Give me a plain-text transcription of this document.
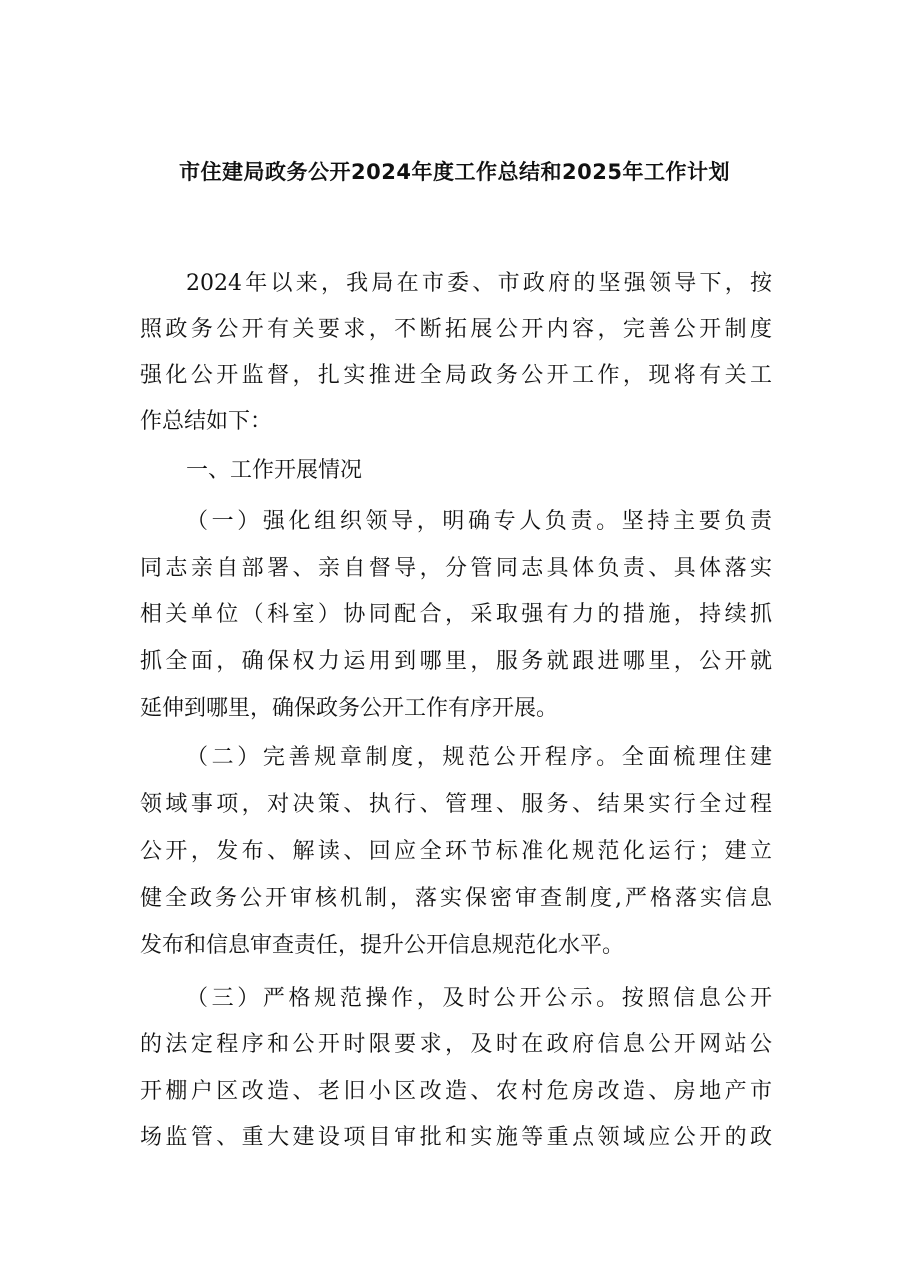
市住建局政务公开2024年度工作总结和2025年工作计划
2024年以来，我局在市委、市政府的坚强领导下，按
照政务公开有关要求，不断拓展公开内容，完善公开制度
强化公开监督，扎实推进全局政务公开工作，现将有关工
作总结如下：
一、工作开展情况
（一）强化组织领导，明确专人负责。坚持主要负责
同志亲自部署、亲自督导，分管同志具体负责、具体落实
相关单位（科室）协同配合，采取强有力的措施，持续抓
抓全面，确保权力运用到哪里，服务就跟进哪里，公开就
延伸到哪里，确保政务公开工作有序开展。
（二）完善规章制度，规范公开程序。全面梳理住建
领域事项，对决策、执行、管理、服务、结果实行全过程
公开，发布、解读、回应全环节标准化规范化运行；建立
健全政务公开审核机制，落实保密审查制度,严格落实信息
发布和信息审查责任，提升公开信息规范化水平。
（三）严格规范操作，及时公开公示。按照信息公开
的法定程序和公开时限要求，及时在政府信息公开网站公
开棚户区改造、老旧小区改造、农村危房改造、房地产市
场监管、重大建设项目审批和实施等重点领域应公开的政
